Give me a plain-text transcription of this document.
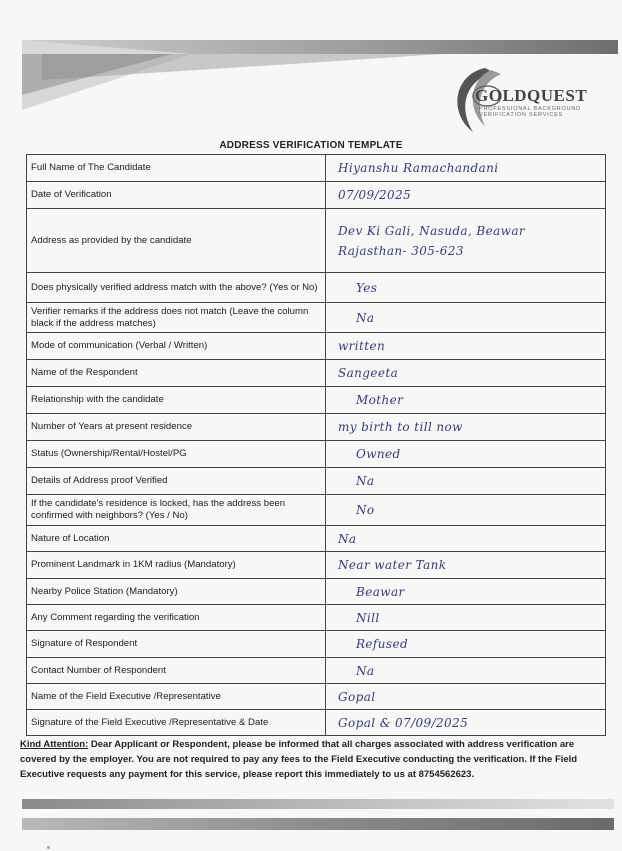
GOLDQUEST
PROFESSIONAL BACKGROUND
VERIFICATION SERVICES
ADDRESS VERIFICATION TEMPLATE
Full Name of The Candidate	Hiyanshu Ramachandani
Date of Verification	07/09/2025
Address as provided by the candidate	Dev Ki Gali, Nasuda, Beawar
Rajasthan- 305-623

Does physically verified address match with the above? (Yes or No)	Yes
Verifier remarks if the address does not match (Leave the column black if the address matches)	Na
Mode of communication (Verbal / Written)	written
Name of the Respondent	Sangeeta
Relationship with the candidate	Mother
Number of Years at present residence	my birth to till now
Status (Ownership/Rental/Hostel/PG	Owned
Details of Address proof Verified	Na
If the candidate's residence is locked, has the address been confirmed with neighbors? (Yes / No)	No
Nature of Location	Na
Prominent Landmark in 1KM radius (Mandatory)	Near water Tank
Nearby Police Station (Mandatory)	Beawar
Any Comment regarding the verification	Nill
Signature of Respondent	Refused
Contact Number of Respondent	Na
Name of the Field Executive /Representative	Gopal
Signature of the Field Executive /Representative & Date	Gopal & 07/09/2025
Kind Attention: Dear Applicant or Respondent, please be informed that all charges associated with address verification are covered by the employer. You are not required to pay any fees to the Field Executive conducting the verification. If the Field Executive requests any payment for this service, please report this immediately to us at 8754562623.
